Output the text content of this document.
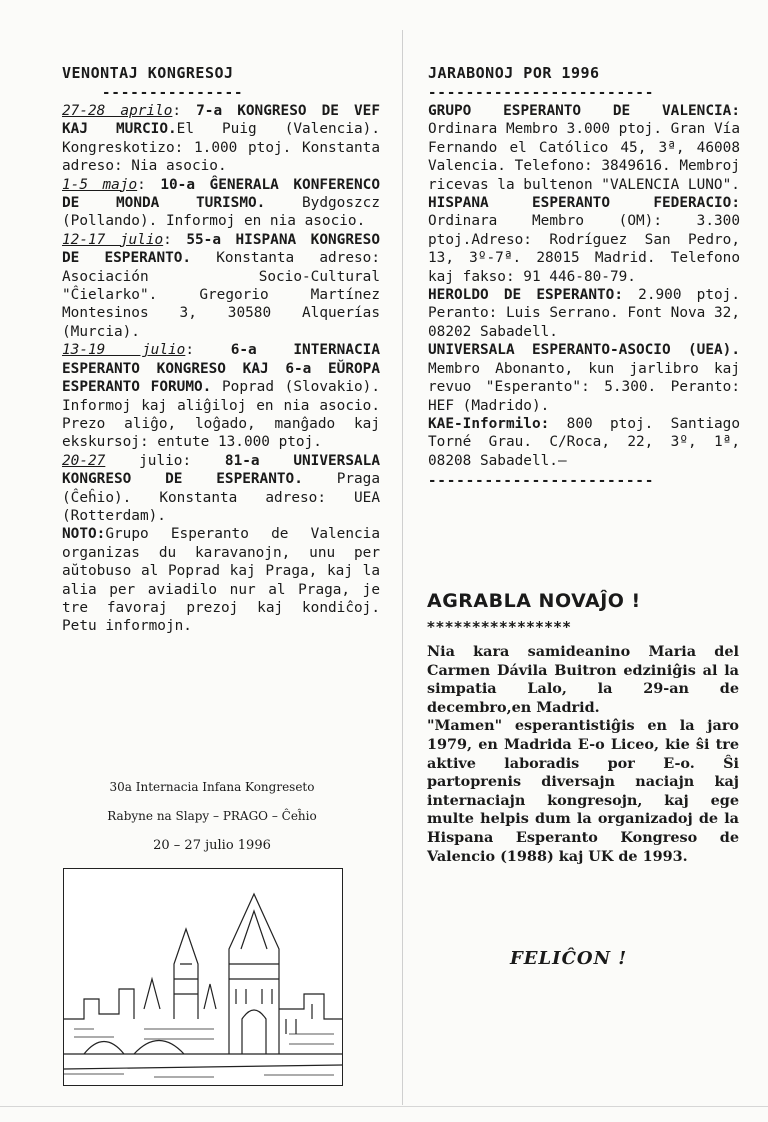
VENONTAJ KONGRESOJ
---------------
27-28 aprilo: 7-a KONGRESO DE VEF KAJ MURCIO.El Puig (Valencia). Kongreskotizo: 1.000 ptoj. Konstanta adreso: Nia asocio.
1-5 majo: 10-a ĜENERALA KONFERENCO DE MONDA TURISMO. Bydgoszcz (Pollando). Informoj en nia asocio.
12-17 julio: 55-a HISPANA KONGRESO DE ESPERANTO. Konstanta adreso: Asociación Socio-Cultural "Ĉielarko". Gregorio Martínez Montesinos 3, 30580 Alquerías (Murcia).
13-19 julio: 6-a INTERNACIA ESPERANTO KONGRESO KAJ 6-a EŬROPA ESPERANTO FORUMO. Poprad (Slovakio). Informoj kaj aliĝiloj en nia asocio. Prezo aliĝo, loĝado, manĝado kaj ekskursoj: entute 13.000 ptoj.
20-27 julio: 81-a UNIVERSALA KONGRESO DE ESPERANTO. Praga (Ĉeĥio). Konstanta adreso: UEA (Rotterdam).
NOTO:Grupo Esperanto de Valencia organizas du karavanojn, unu per aŭtobuso al Poprad kaj Praga, kaj la alia per aviadilo nur al Praga, je tre favoraj prezoj kaj kondiĉoj. Petu informojn.
30a Internacia Infana Kongreseto
Rabyne na Slapy – PRAGO – Ĉeĥio
20 – 27 julio 1996
JARABONOJ POR 1996
------------------------
GRUPO ESPERANTO DE VALENCIA: Ordinara Membro 3.000 ptoj. Gran Vía Fernando el Católico 45, 3ª, 46008 Valencia. Telefono: 3849616. Membroj ricevas la bultenon "VALENCIA LUNO".
HISPANA ESPERANTO FEDERACIO: Ordinara Membro (OM): 3.300 ptoj.Adreso: Rodríguez San Pedro, 13, 3º-7ª. 28015 Madrid. Telefono kaj fakso: 91 446-80-79.
HEROLDO DE ESPERANTO: 2.900 ptoj. Peranto: Luis Serrano. Font Nova 32, 08202 Sabadell.
UNIVERSALA ESPERANTO-ASOCIO (UEA). Membro Abonanto, kun jarlibro kaj revuo "Esperanto": 5.300. Peranto: HEF (Madrido).
KAE-Informilo: 800 ptoj. Santiago Torné Grau. C/Roca, 22, 3º, 1ª, 08208 Sabadell.–
------------------------
AGRABLA NOVAĴO !
****************

Nia kara samideanino Maria del Carmen Dávila Buitron edziniĝis al la simpatia Lalo, la 29-an de decembro,en Madrid.

"Mamen" esperantistiĝis en la jaro 1979, en Madrida E-o Liceo, kie ŝi tre aktive laboradis por E-o. Ŝi partoprenis diversajn naciajn kaj internaciajn kongresojn, kaj ege multe helpis dum la organizadoj de la Hispana Esperanto Kongreso de Valencio (1988) kaj UK de 1993.

FELIĈON !
